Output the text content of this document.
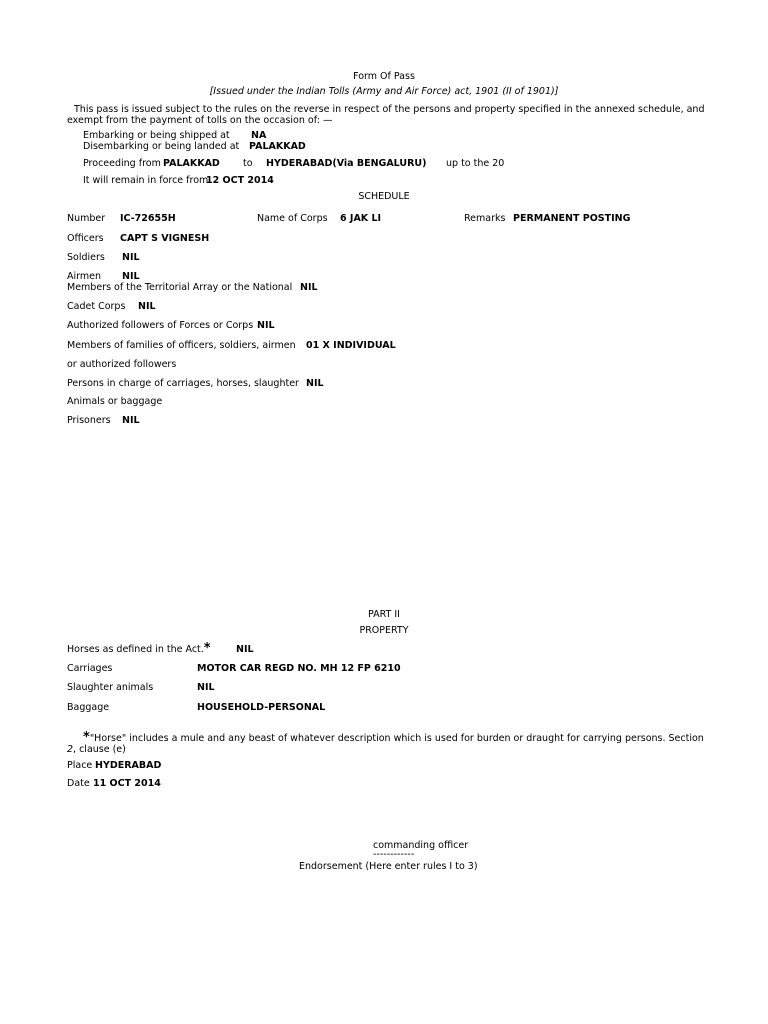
Form Of Pass
[Issued under the Indian Tolls (Army and Air Force) act, 1901 (II of 1901)]
This pass is issued subject to the rules on the reverse in respect of the persons and property specified in the annexed schedule, and
exempt from the payment of tolls on the occasion of: —
Embarking or being shipped at NA
Disembarking or being landed at PALAKKAD
Proceeding from PALAKKAD to HYDERABAD(Via BENGALURU) up to the 20
It will remain in force from
12 OCT 2014
SCHEDULE
Number IC-72655H	Name of Corps 6 JAK LI	Remarks PERMANENT POSTING
Officers CAPT S VIGNESH
Soldiers NIL
Airmen NIL
Members of the Territorial Array or the National NIL
Cadet Corps NIL
Authorized followers of Forces or Corps NIL
Members of families of officers, soldiers, airmen 01 X INDIVIDUAL
or authorized followers
Persons in charge of carriages, horses, slaughter NIL
Animals or baggage
Prisoners NIL
PART II
PROPERTY
Horses as defined in the Act.*	NIL
Carriages	MOTOR CAR REGD NO. MH 12 FP 6210
Slaughter animals	NIL
Baggage	HOUSEHOLD-PERSONAL
*"Horse" includes a mule and any beast of whatever description which is used for burden or draught for carrying persons. Section
2, clause (e)
Place HYDERABAD
Date 11 OCT 2014
commanding officer
------------
Endorsement (Here enter rules I to 3)
